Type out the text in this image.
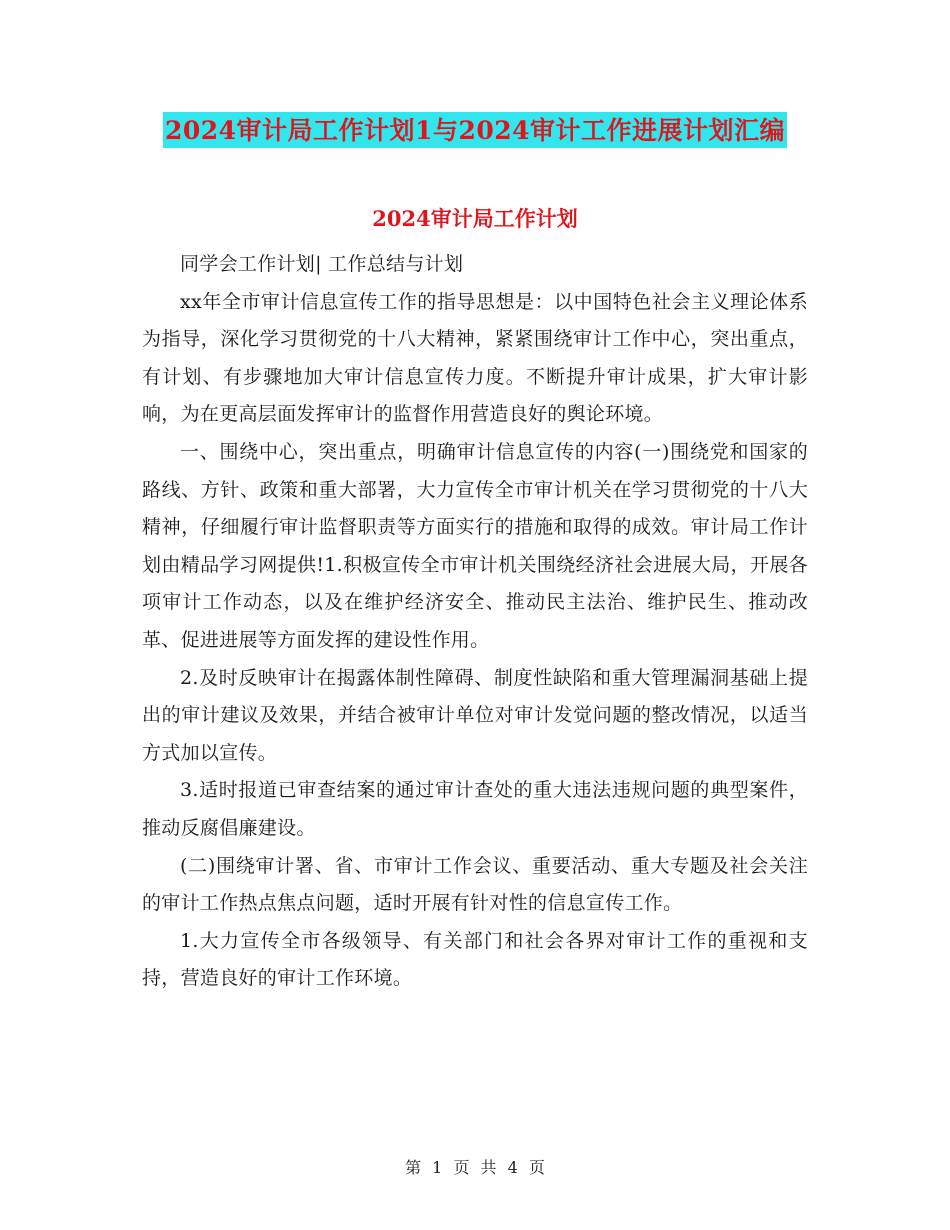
2024审计局工作计划1与2024审计工作进展计划汇编
2024审计局工作计划

同学会工作计划| 工作总结与计划

xx年全市审计信息宣传工作的指导思想是：以中国特色社会主义理论体系为指导，深化学习贯彻党的十八大精神，紧紧围绕审计工作中心，突出重点，有计划、有步骤地加大审计信息宣传力度。不断提升审计成果，扩大审计影响，为在更高层面发挥审计的监督作用营造良好的舆论环境。

一、围绕中心，突出重点，明确审计信息宣传的内容(一)围绕党和国家的路线、方针、政策和重大部署，大力宣传全市审计机关在学习贯彻党的十八大精神，仔细履行审计监督职责等方面实行的措施和取得的成效。审计局工作计划由精品学习网提供!1.积极宣传全市审计机关围绕经济社会进展大局，开展各项审计工作动态，以及在维护经济安全、推动民主法治、维护民生、推动改革、促进进展等方面发挥的建设性作用。

2.及时反映审计在揭露体制性障碍、制度性缺陷和重大管理漏洞基础上提出的审计建议及效果，并结合被审计单位对审计发觉问题的整改情况，以适当方式加以宣传。

3.适时报道已审查结案的通过审计查处的重大违法违规问题的典型案件，推动反腐倡廉建设。

(二)围绕审计署、省、市审计工作会议、重要活动、重大专题及社会关注的审计工作热点焦点问题，适时开展有针对性的信息宣传工作。

1.大力宣传全市各级领导、有关部门和社会各界对审计工作的重视和支持，营造良好的审计工作环境。

第 1 页 共 4 页
